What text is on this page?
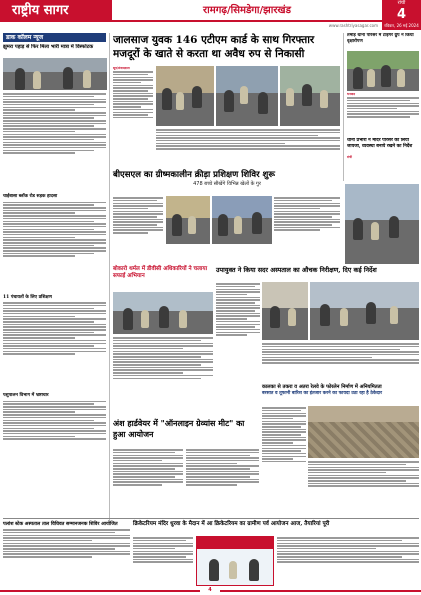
राष्ट्रीय सागर	रामगढ़/सिमडेगा/झारखंड
www.rashtriyasagar.com
रांची
4
रविवार, 26 मई 2024
डाक कॉलम न्यूज
झुमरा पहाड़ से फिर मिला भारी मात्रा में विस्फोटक
चाईबासा ब्लॉक रोड सड़क हादसा
11 पंचायतों के लिए प्रशिक्षण
पशुपालन विभाग में भ्रष्टाचार
जालसाज युवक 146 एटीएम कार्ड के साथ गिरफ्तार मजदूरों के खाते से करता था अवैध रुप से निकासी
सूत्र/संवाददाता
तमाड़ थाना परिसर में टाइगर ग्रुप ने किया वृक्षारोपण
धनबाद
थाना प्रभारी ने मंदिर परिसर का लिया जायजा, व्यवस्था बनाये रखने का निर्देश
रांची
बीएसएल का ग्रीष्मकालीन क्रीड़ा प्रशिक्षण शिविर शुरू
478 बच्चे सीखेंगे विभिन्न खेलों के गुर
बोकारो थर्मल में डीवीसी अधिकारियों ने चलाया सफाई अभियान
उपायुक्त ने किया सदर अस्पताल का औचक निरीक्षण, दिए कई निर्देश
कालका से तकरा व अतरा रेलवे के फोरलेन निर्माण में अनियमितता
बरसात व तूफानी बारिश का इंतजार करने का फायदा उठा रहा है ठेकेदार
अंश हार्डवेयर में "ऑनलाइन ग्रेव्यांस मीट" का हुआ आयोजन
पलांश स्टेक अस्पताल ताल विधिवत सम्मानजनक शिविर आयोजित	क्रिकेटरियम मंदिर धुरवा के मैदान में आ क्रिकेटरियम का ग्रामीण पर्व आयोजन आज, तैयारियां पूरी
4
